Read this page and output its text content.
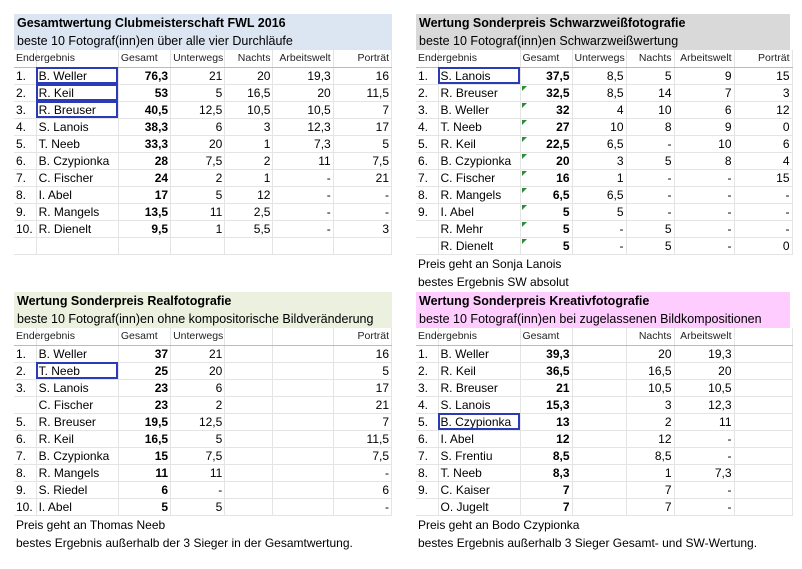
Gesamtwertung Clubmeisterschaft FWL 2016
beste 10 Fotograf(inn)en über alle vier Durchläufe
Endergebnis		Gesamt	Unterwegs	Nachts	Arbeitswelt	Porträt
1.	B. Weller	76,3	21	20	19,3	16
2.	R. Keil	53	5	16,5	20	11,5
3.	R. Breuser	40,5	12,5	10,5	10,5	7
4.	S. Lanois	38,3	6	3	12,3	17
5.	T. Neeb	33,3	20	1	7,3	5
6.	B. Czypionka	28	7,5	2	11	7,5
7.	C. Fischer	24	2	1	-	21
8.	I. Abel	17	5	12	-	-
9.	R. Mangels	13,5	11	2,5	-	-
10.	R. Dienelt	9,5	1	5,5	-	3

Wertung Sonderpreis Schwarzweißfotografie
beste 10 Fotograf(inn)en Schwarzweißwertung
Endergebnis		Gesamt	Unterwegs	Nachts	Arbeitswelt	Porträt
1.	S. Lanois	37,5	8,5	5	9	15
2.	R. Breuser	32,5	8,5	14	7	3
3.	B. Weller	32	4	10	6	12
4.	T. Neeb	27	10	8	9	0
5.	R. Keil	22,5	6,5	-	10	6
6.	B. Czypionka	20	3	5	8	4
7.	C. Fischer	16	1	-	-	15
8.	R. Mangels	6,5	6,5	-	-	-
9.	I. Abel	5	5	-	-	-
	R. Mehr	5	-	5	-	-
	R. Dienelt	5	-	5	-	0
Preis geht an Sonja Lanois
bestes Ergebnis SW absolut
Wertung Sonderpreis Realfotografie
beste 10 Fotograf(inn)en ohne kompositorische Bildveränderung
Endergebnis		Gesamt	Unterwegs			Porträt
1.	B. Weller	37	21			16
2.	T. Neeb	25	20			5
3.	S. Lanois	23	6			17
	C. Fischer	23	2			21
5.	R. Breuser	19,5	12,5			7
6.	R. Keil	16,5	5			11,5
7.	B. Czypionka	15	7,5			7,5
8.	R. Mangels	11	11			-
9.	S. Riedel	6	-			6
10.	I. Abel	5	5			-
Preis geht an Thomas Neeb
bestes Ergebnis außerhalb der 3 Sieger in der Gesamtwertung.
Wertung Sonderpreis Kreativfotografie
beste 10 Fotograf(inn)en bei zugelassenen Bildkompositionen
Endergebnis		Gesamt		Nachts	Arbeitswelt	
1.	B. Weller	39,3		20	19,3	
2.	R. Keil	36,5		16,5	20	
3.	R. Breuser	21		10,5	10,5	
4.	S. Lanois	15,3		3	12,3	
5.	B. Czypionka	13		2	11	
6.	I. Abel	12		12	-	
7.	S. Frentiu	8,5		8,5	-	
8.	T. Neeb	8,3		1	7,3	
9.	C. Kaiser	7		7	-	
	O. Jugelt	7		7	-	
Preis geht an Bodo Czypionka
bestes Ergebnis außerhalb 3 Sieger Gesamt- und SW-Wertung.
